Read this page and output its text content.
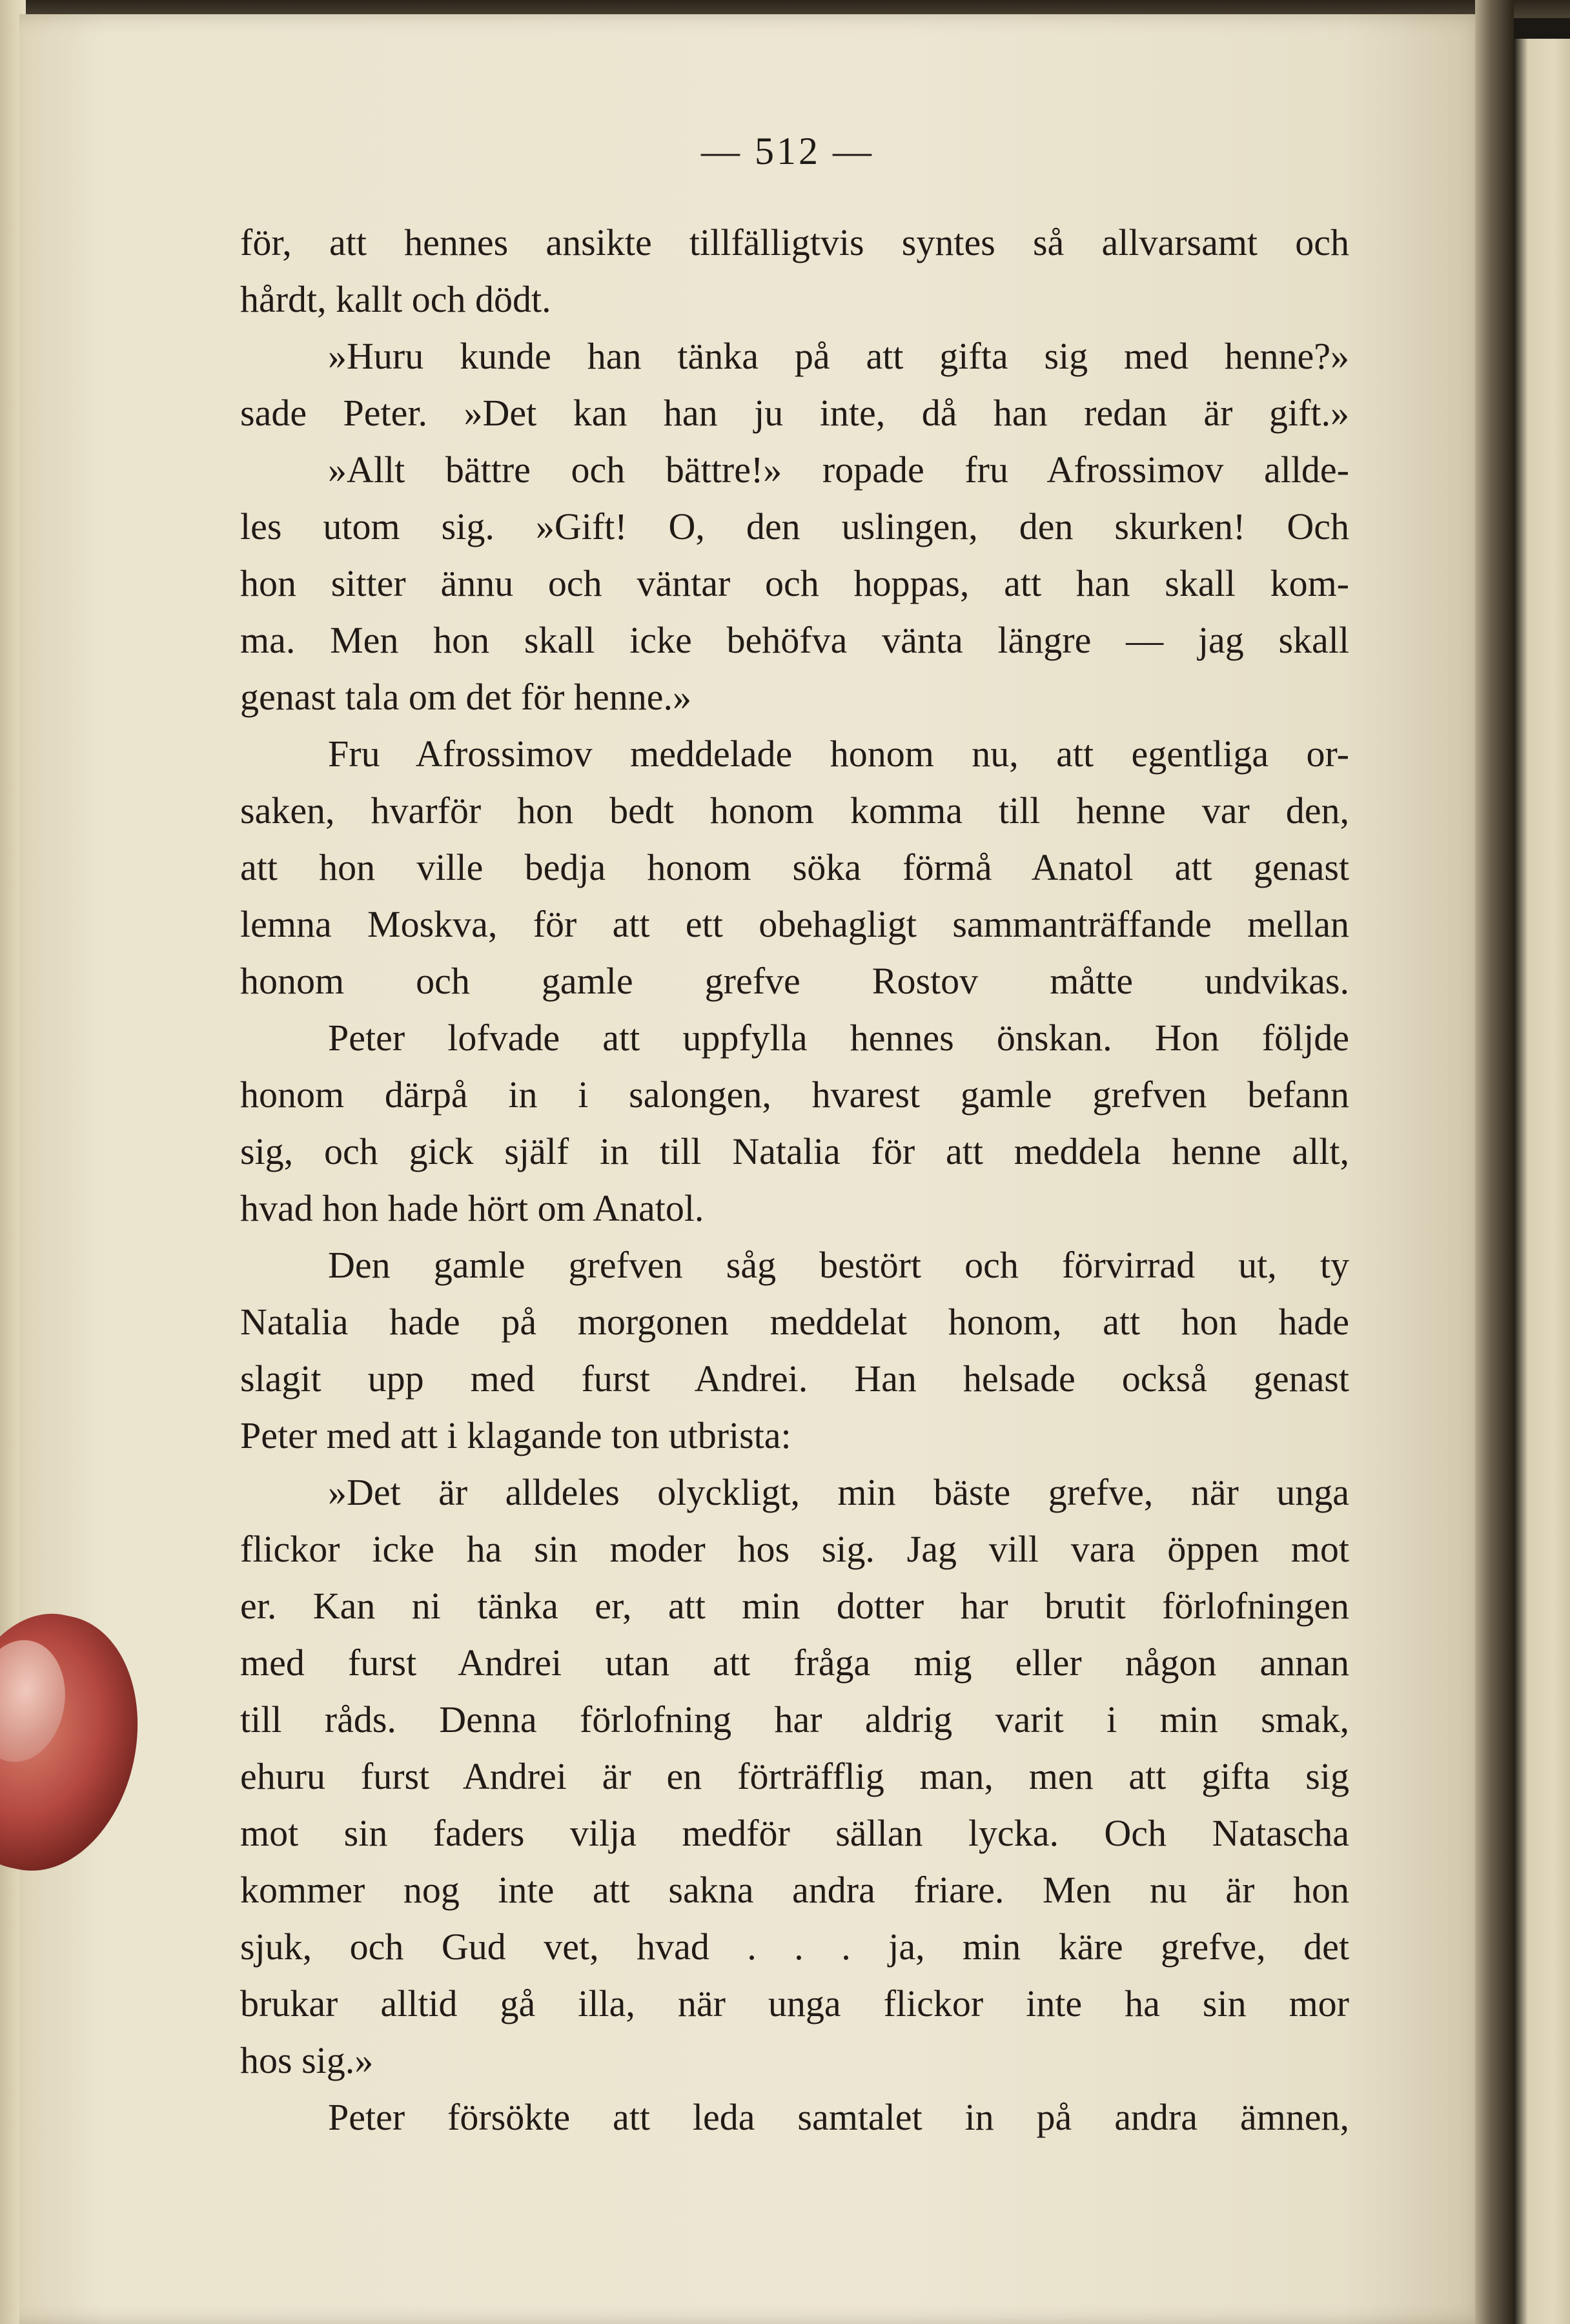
— 512 —
för, att hennes ansikte tillfälligtvis syntes så allvarsamt och
hårdt, kallt och dödt.
»Huru kunde han tänka på att gifta sig med henne?»
sade Peter. »Det kan han ju inte, då han redan är gift.»
»Allt bättre och bättre!» ropade fru Afrossimov allde-
les utom sig. »Gift! O, den uslingen, den skurken! Och
hon sitter ännu och väntar och hoppas, att han skall kom-
ma. Men hon skall icke behöfva vänta längre — jag skall
genast tala om det för henne.»
Fru Afrossimov meddelade honom nu, att egentliga or-
saken, hvarför hon bedt honom komma till henne var den,
att hon ville bedja honom söka förmå Anatol att genast
lemna Moskva, för att ett obehagligt sammanträffande mellan
honom och gamle grefve Rostov måtte undvikas.
Peter lofvade att uppfylla hennes önskan. Hon följde
honom därpå in i salongen, hvarest gamle grefven befann
sig, och gick själf in till Natalia för att meddela henne allt,
hvad hon hade hört om Anatol.
Den gamle grefven såg bestört och förvirrad ut, ty
Natalia hade på morgonen meddelat honom, att hon hade
slagit upp med furst Andrei. Han helsade också genast
Peter med att i klagande ton utbrista:
»Det är alldeles olyckligt, min bäste grefve, när unga
flickor icke ha sin moder hos sig. Jag vill vara öppen mot
er. Kan ni tänka er, att min dotter har brutit förlofningen
med furst Andrei utan att fråga mig eller någon annan
till råds. Denna förlofning har aldrig varit i min smak,
ehuru furst Andrei är en förträfflig man, men att gifta sig
mot sin faders vilja medför sällan lycka. Och Natascha
kommer nog inte att sakna andra friare. Men nu är hon
sjuk, och Gud vet, hvad . . . ja, min käre grefve, det
brukar alltid gå illa, när unga flickor inte ha sin mor
hos sig.»
Peter försökte att leda samtalet in på andra ämnen,
